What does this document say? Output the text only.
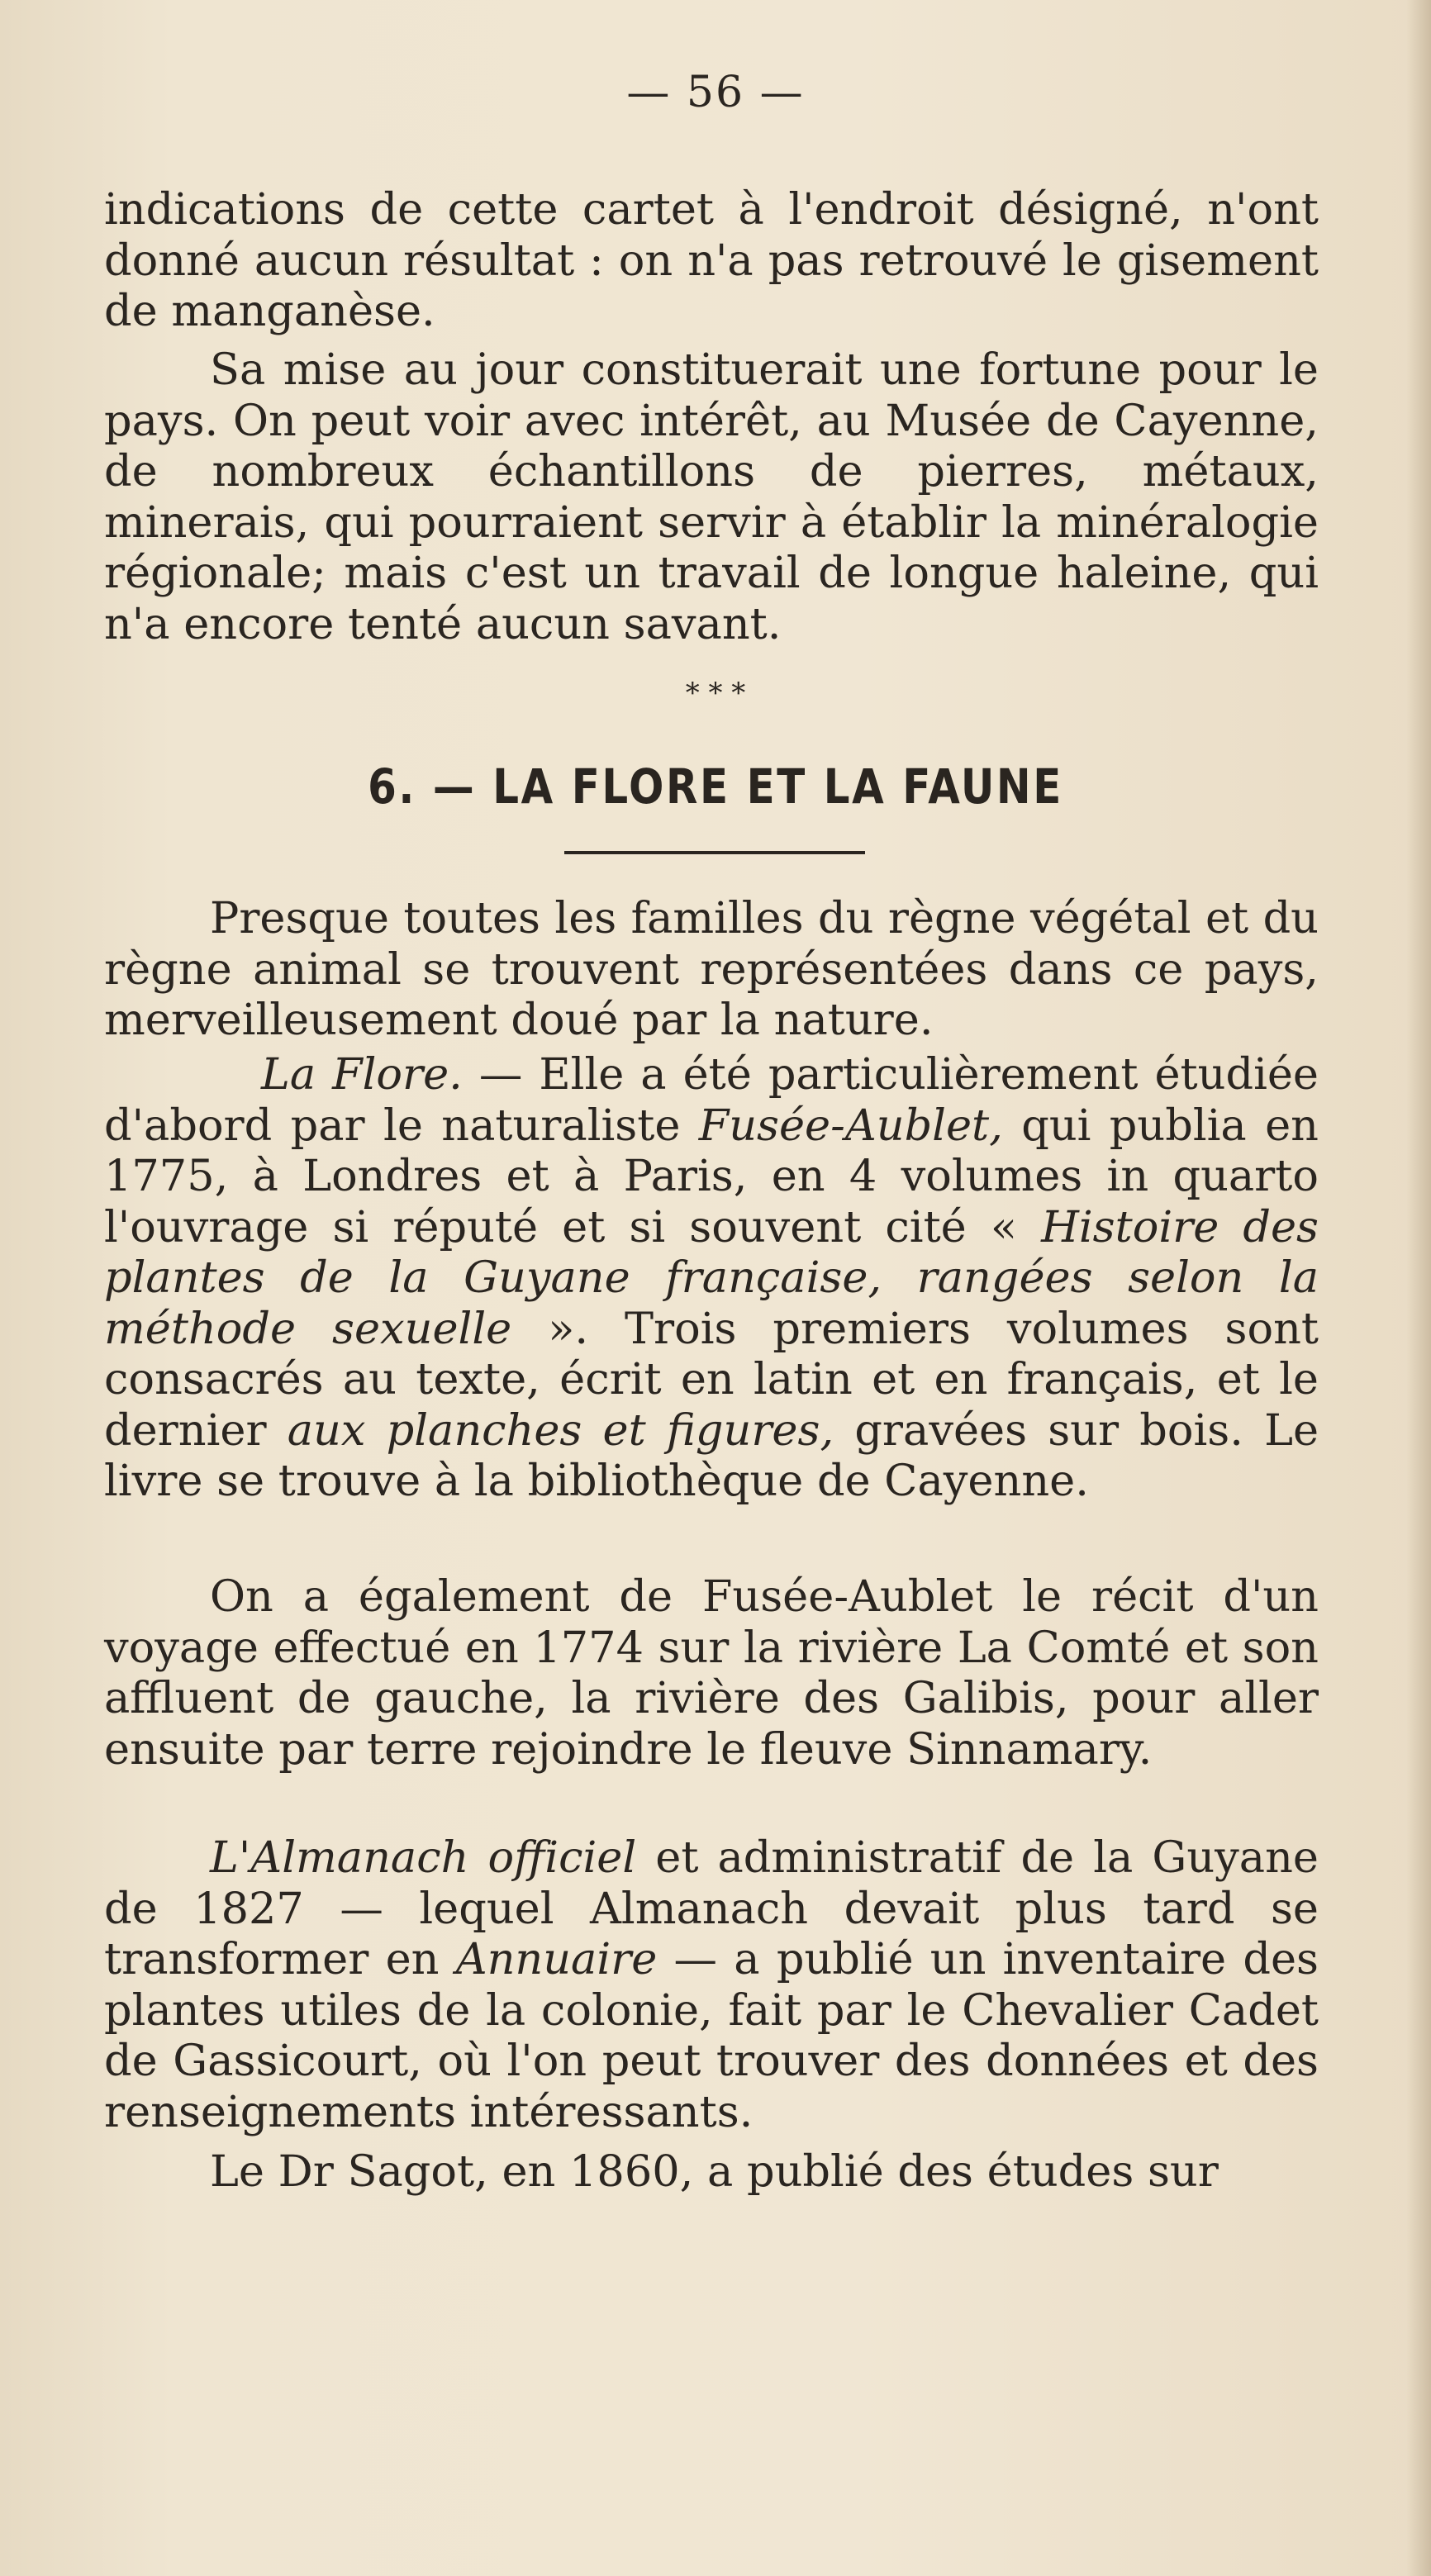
— 56 —

indications de cette cartet à l'endroit désigné, n'ont donné aucun résultat : on n'a pas retrouvé le gisement de manganèse.

Sa mise au jour constituerait une fortune pour le pays. On peut voir avec intérêt, au Musée de Cayenne, de nombreux échantillons de pierres, métaux, minerais, qui pourraient servir à établir la minéralogie régionale; mais c'est un travail de longue haleine, qui n'a encore tenté aucun savant.

* * *
6. — LA FLORE ET LA FAUNE

Presque toutes les familles du règne végétal et du règne animal se trouvent représentées dans ce pays, merveilleusement doué par la nature.

La Flore. — Elle a été particulièrement étudiée d'abord par le naturaliste Fusée-Aublet, qui publia en 1775, à Londres et à Paris, en 4 volumes in quarto l'ouvrage si réputé et si souvent cité « Histoire des plantes de la Guyane française, rangées selon la méthode sexuelle ». Trois premiers volumes sont consacrés au texte, écrit en latin et en français, et le dernier aux planches et figures, gravées sur bois. Le livre se trouve à la bibliothèque de Cayenne.

On a également de Fusée-Aublet le récit d'un voyage effectué en 1774 sur la rivière La Comté et son affluent de gauche, la rivière des Galibis, pour aller ensuite par terre rejoindre le fleuve Sinnamary.

L'Almanach officiel et administratif de la Guyane de 1827 — lequel Almanach devait plus tard se transformer en Annuaire — a publié un inventaire des plantes utiles de la colonie, fait par le Chevalier Cadet de Gassicourt, où l'on peut trouver des données et des renseignements intéressants.

Le Dr Sagot, en 1860, a publié des études sur
